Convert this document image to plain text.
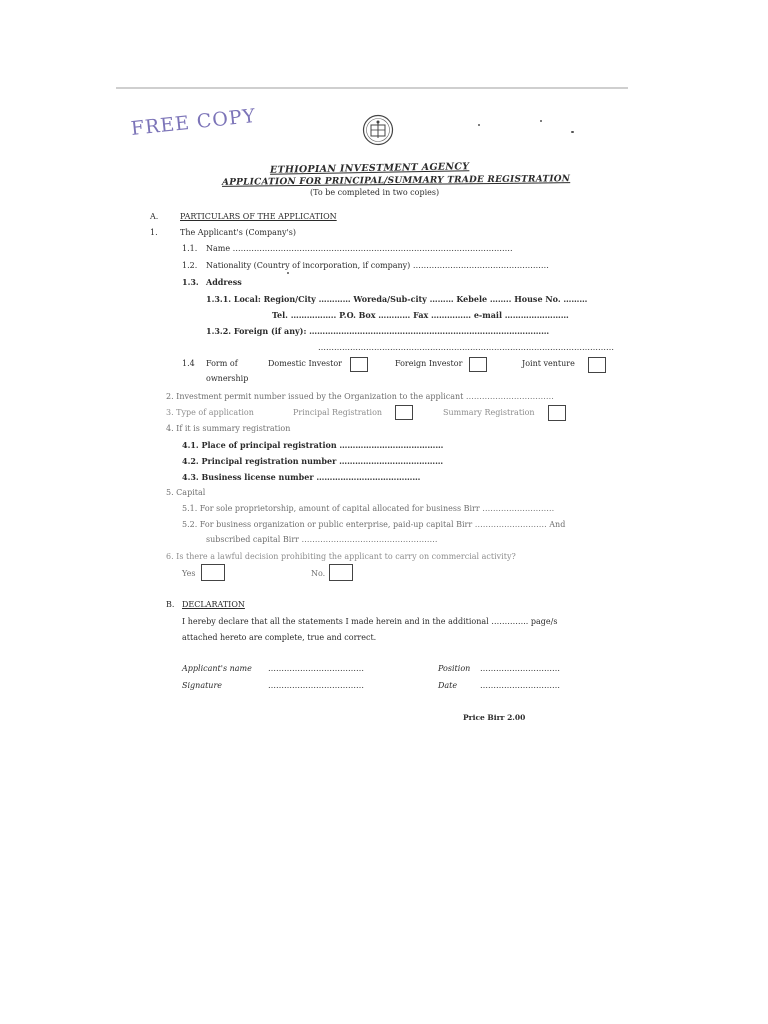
FREE COPY
ETHIOPIAN INVESTMENT AGENCY
APPLICATION FOR PRINCIPAL/SUMMARY TRADE REGISTRATION
(To be completed in two copies)
A.	PARTICULARS OF THE APPLICATION
1.	The Applicant's (Company's)
1.1. Name ……………………………………………………………………………………………
1.2. Nationality (Country of incorporation, if company) ……………………………………………
1.3. Address
1.3.1. Local: Region/City ………… Woreda/Sub-city ……… Kebele …….. House No. ………
Tel. …………….. P.O. Box ………… Fax …………… e-mail ……………………
1.3.2. Foreign (if any): ………………………………………………………………………………
…………………………………………………………………………………………………
1.4 Form of
ownership
Domestic Investor	Foreign Investor	Joint venture
2. Investment permit number issued by the Organization to the applicant ……………………………
3. Type of application	Principal Registration	Summary Registration
4. If it is summary registration
4.1. Place of principal registration …………………………………
4.2. Principal registration number …………………………………
4.3. Business license number …………………………………
5. Capital
5.1. For sole proprietorship, amount of capital allocated for business Birr ………………………
5.2. For business organization or public enterprise, paid-up capital Birr ……………………… And
subscribed capital Birr ……………………………………………
6. Is there a lawful decision prohibiting the applicant to carry on commercial activity?
Yes	No.
B. DECLARATION
I hereby declare that all the statements I made herein and in the additional ………….. page/s
attached hereto are complete, true and correct.
Applicant's name ………………………………	Position …………………………
Signature	………………………………	Date	…………………………
Price Birr 2.00
